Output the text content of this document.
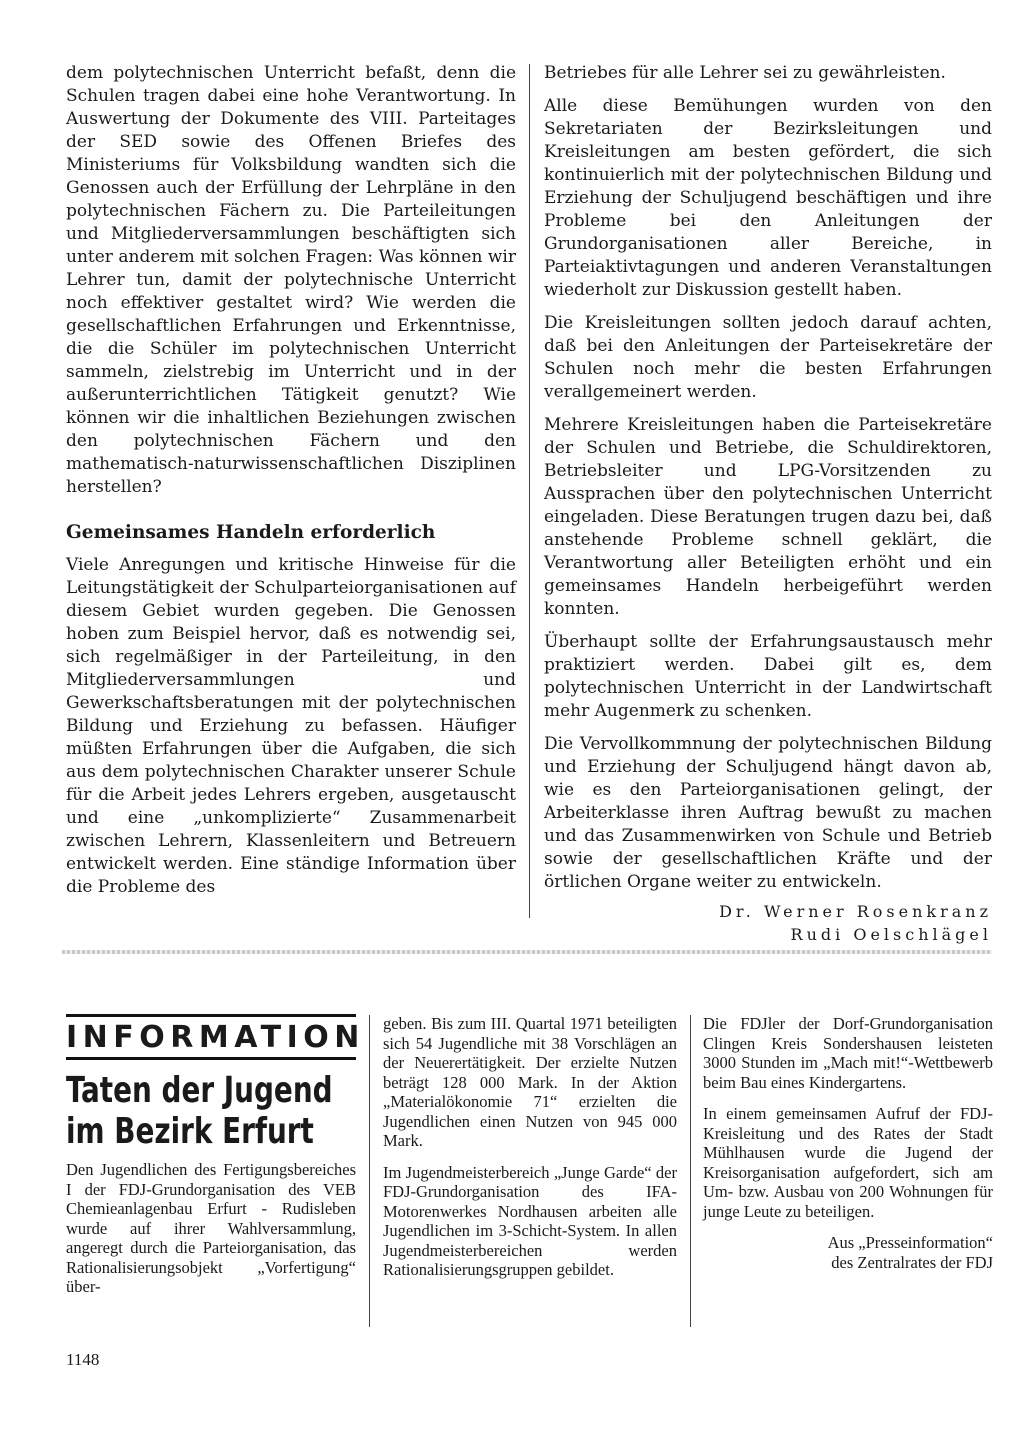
dem polytechnischen Unterricht befaßt, denn die Schulen tragen dabei eine hohe Verantwortung. In Auswertung der Dokumente des VIII. Parteitages der SED sowie des Offenen Briefes des Ministeriums für Volksbildung wandten sich die Genossen auch der Erfüllung der Lehrpläne in den polytechnischen Fächern zu. Die Parteileitungen und Mitgliederversammlungen beschäftigten sich unter anderem mit solchen Fragen: Was können wir Lehrer tun, damit der polytechnische Unterricht noch effektiver gestaltet wird? Wie werden die gesellschaftlichen Erfahrungen und Erkenntnisse, die die Schüler im polytechnischen Unterricht sammeln, zielstrebig im Unterricht und in der außerunterrichtlichen Tätigkeit genutzt? Wie können wir die inhaltlichen Beziehungen zwischen den polytechnischen Fächern und den mathematisch-naturwissenschaftlichen Disziplinen herstellen?

Gemeinsames Handeln erforderlich

Viele Anregungen und kritische Hinweise für die Leitungstätigkeit der Schulparteiorganisationen auf diesem Gebiet wurden gegeben. Die Genossen hoben zum Beispiel hervor, daß es notwendig sei, sich regelmäßiger in der Parteileitung, in den Mitgliederversammlungen und Gewerkschaftsberatungen mit der polytechnischen Bildung und Erziehung zu befassen. Häufiger müßten Erfahrungen über die Aufgaben, die sich aus dem polytechnischen Charakter unserer Schule für die Arbeit jedes Lehrers ergeben, ausgetauscht und eine „unkomplizierte“ Zusammenarbeit zwischen Lehrern, Klassenleitern und Betreuern entwickelt werden. Eine ständige Information über die Probleme des

Betriebes für alle Lehrer sei zu gewährleisten.

Alle diese Bemühungen wurden von den Sekretariaten der Bezirksleitungen und Kreisleitungen am besten gefördert, die sich kontinuierlich mit der polytechnischen Bildung und Erziehung der Schuljugend beschäftigen und ihre Probleme bei den Anleitungen der Grundorganisationen aller Bereiche, in Parteiaktivtagungen und anderen Veranstaltungen wiederholt zur Diskussion gestellt haben.

Die Kreisleitungen sollten jedoch darauf achten, daß bei den Anleitungen der Parteisekretäre der Schulen noch mehr die besten Erfahrungen verallgemeinert werden.

Mehrere Kreisleitungen haben die Parteisekretäre der Schulen und Betriebe, die Schuldirektoren, Betriebsleiter und LPG-Vorsitzenden zu Aussprachen über den polytechnischen Unterricht eingeladen. Diese Beratungen trugen dazu bei, daß anstehende Probleme schnell geklärt, die Verantwortung aller Beteiligten erhöht und ein gemeinsames Handeln herbeigeführt werden konnten.

Überhaupt sollte der Erfahrungsaustausch mehr praktiziert werden. Dabei gilt es, dem polytechnischen Unterricht in der Landwirtschaft mehr Augenmerk zu schenken.

Die Vervollkommnung der polytechnischen Bildung und Erziehung der Schuljugend hängt davon ab, wie es den Parteiorganisationen gelingt, der Arbeiterklasse ihren Auftrag bewußt zu machen und das Zusammenwirken von Schule und Betrieb sowie der gesellschaftlichen Kräfte und der örtlichen Organe weiter zu entwickeln.

Dr. Werner Rosenkranz
Rudi Oelschlägel
INFORMATION
Taten der Jugend im Bezirk Erfurt

Den Jugendlichen des Fertigungsbereiches I der FDJ-Grundorganisation des VEB Chemieanlagenbau Erfurt - Rudisleben wurde auf ihrer Wahlversammlung, angeregt durch die Parteiorganisation, das Rationalisierungsobjekt „Vorfertigung“ über-

geben. Bis zum III. Quartal 1971 beteiligten sich 54 Jugendliche mit 38 Vorschlägen an der Neuerertätigkeit. Der erzielte Nutzen beträgt 128 000 Mark. In der Aktion „Materialökonomie 71“ erzielten die Jugendlichen einen Nutzen von 945 000 Mark.

Im Jugendmeisterbereich „Junge Garde“ der FDJ-Grundorganisation des IFA-Motorenwerkes Nordhausen arbeiten alle Jugendlichen im 3-Schicht-System. In allen Jugendmeisterbereichen werden Rationalisierungsgruppen gebildet.

Die FDJler der Dorf-Grundorganisation Clingen Kreis Sondershausen leisteten 3000 Stunden im „Mach mit!“-Wettbewerb beim Bau eines Kindergartens.

In einem gemeinsamen Aufruf der FDJ-Kreisleitung und des Rates der Stadt Mühlhausen wurde die Jugend der Kreisorganisation aufgefordert, sich am Um- bzw. Ausbau von 200 Wohnungen für junge Leute zu beteiligen.

Aus „Presseinformation“
des Zentralrates der FDJ
1148
